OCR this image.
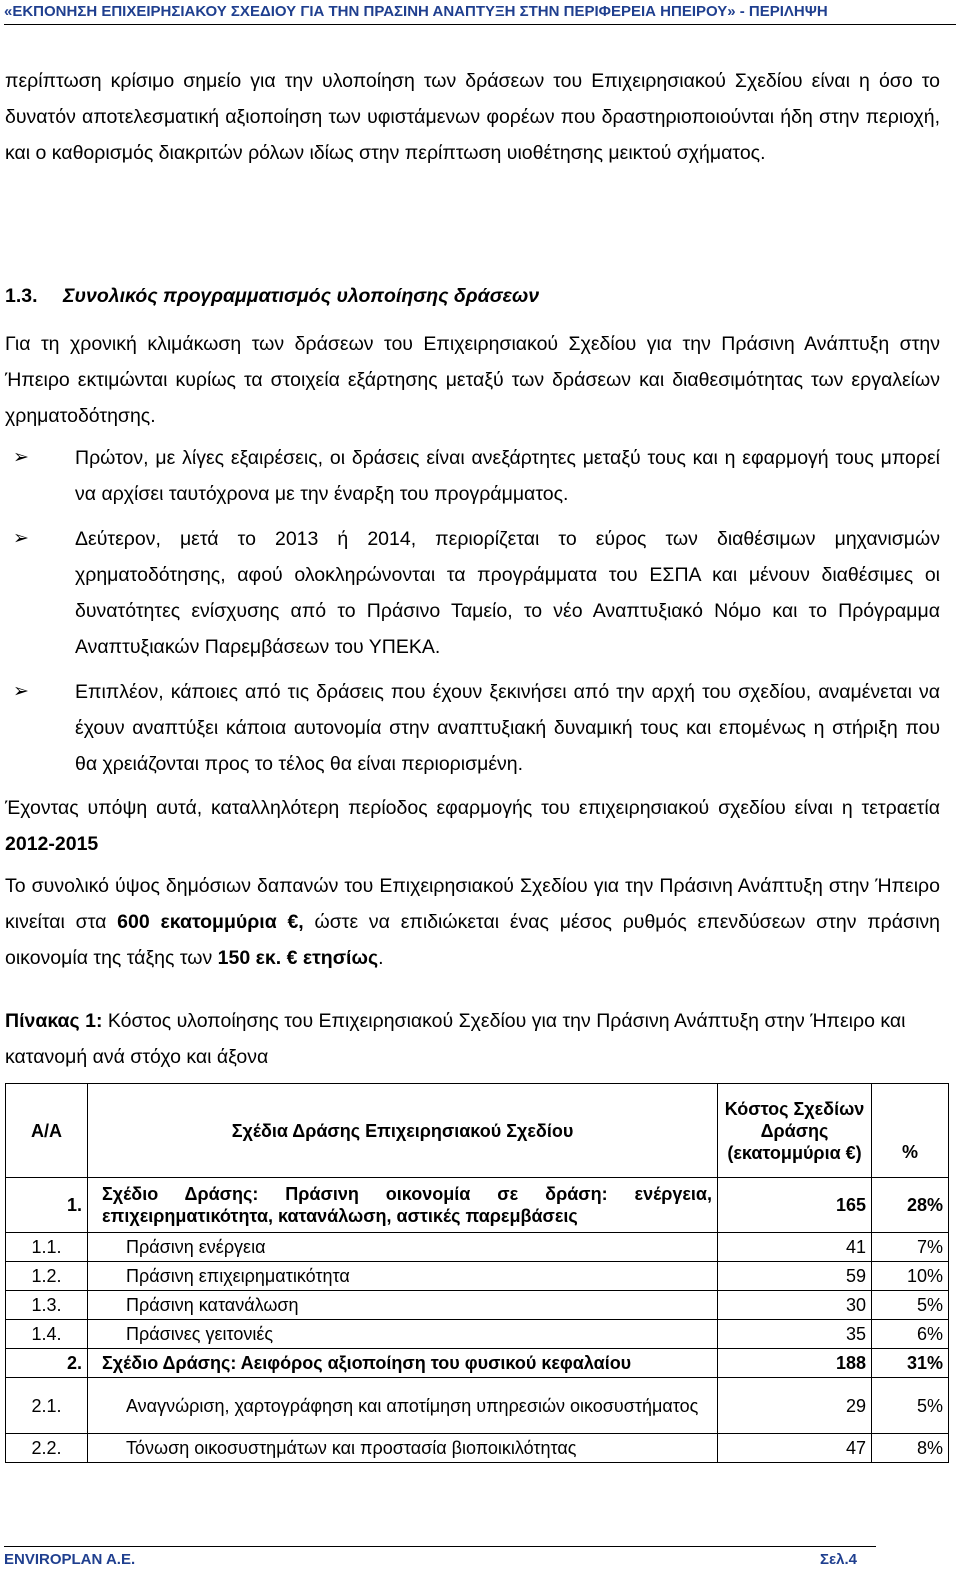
«ΕΚΠΟΝΗΣΗ ΕΠΙΧΕΙΡΗΣΙΑΚΟΥ ΣΧΕΔΙΟΥ ΓΙΑ ΤΗΝ ΠΡΑΣΙΝΗ ΑΝΑΠΤΥΞΗ ΣΤΗΝ ΠΕΡΙΦΕΡΕΙΑ ΗΠΕΙΡΟΥ» - ΠΕΡΙΛΗΨΗ
περίπτωση κρίσιμο σημείο για την υλοποίηση των δράσεων του Επιχειρησιακού Σχεδίου είναι η όσο το δυνατόν αποτελεσματική αξιοποίηση των υφιστάμενων φορέων που δραστηριοποιούνται ήδη στην περιοχή, και ο καθορισμός διακριτών ρόλων ιδίως στην περίπτωση υιοθέτησης μεικτού σχήματος.
1.3. Συνολικός προγραμματισμός υλοποίησης δράσεων
Για τη χρονική κλιμάκωση των δράσεων του Επιχειρησιακού Σχεδίου για την Πράσινη Ανάπτυξη στην Ήπειρο εκτιμώνται κυρίως τα στοιχεία εξάρτησης μεταξύ των δράσεων και διαθεσιμότητας των εργαλείων χρηματοδότησης.
➢ Πρώτον, με λίγες εξαιρέσεις, οι δράσεις είναι ανεξάρτητες μεταξύ τους και η εφαρμογή τους μπορεί να αρχίσει ταυτόχρονα με την έναρξη του προγράμματος.
➢ Δεύτερον, μετά το 2013 ή 2014, περιορίζεται το εύρος των διαθέσιμων μηχανισμών χρηματοδότησης, αφού ολοκληρώνονται τα προγράμματα του ΕΣΠΑ και μένουν διαθέσιμες οι δυνατότητες ενίσχυσης από το Πράσινο Ταμείο, το νέο Αναπτυξιακό Νόμο και το Πρόγραμμα Αναπτυξιακών Παρεμβάσεων του ΥΠΕΚΑ.
➢ Επιπλέον, κάποιες από τις δράσεις που έχουν ξεκινήσει από την αρχή του σχεδίου, αναμένεται να έχουν αναπτύξει κάποια αυτονομία στην αναπτυξιακή δυναμική τους και επομένως η στήριξη που θα χρειάζονται προς το τέλος θα είναι περιορισμένη.
Έχοντας υπόψη αυτά, καταλληλότερη περίοδος εφαρμογής του επιχειρησιακού σχεδίου είναι η τετραετία 2012-2015
Το συνολικό ύψος δημόσιων δαπανών του Επιχειρησιακού Σχεδίου για την Πράσινη Ανάπτυξη στην Ήπειρο κινείται στα 600 εκατομμύρια €, ώστε να επιδιώκεται ένας μέσος ρυθμός επενδύσεων στην πράσινη οικονομία της τάξης των 150 εκ. € ετησίως.
Πίνακας 1: Κόστος υλοποίησης του Επιχειρησιακού Σχεδίου για την Πράσινη Ανάπτυξη στην Ήπειρο και κατανομή ανά στόχο και άξονα
Α/Α	Σχέδια Δράσης Επιχειρησιακού Σχεδίου	Κόστος Σχεδίων Δράσης (εκατομμύρια €)	%
1.	Σχέδιο Δράσης: Πράσινη οικονομία σε δράση: ενέργεια, επιχειρηματικότητα, κατανάλωση, αστικές παρεμβάσεις	165	28%
1.1.	Πράσινη ενέργεια	41	7%
1.2.	Πράσινη επιχειρηματικότητα	59	10%
1.3.	Πράσινη κατανάλωση	30	5%
1.4.	Πράσινες γειτονιές	35	6%
2.	Σχέδιο Δράσης: Αειφόρος αξιοποίηση του φυσικού κεφαλαίου	188	31%
2.1.	Αναγνώριση, χαρτογράφηση και αποτίμηση υπηρεσιών οικοσυστήματος	29	5%
2.2.	Τόνωση οικοσυστημάτων και προστασία βιοποικιλότητας	47	8%
ENVIROPLAN A.E.	Σελ.4
